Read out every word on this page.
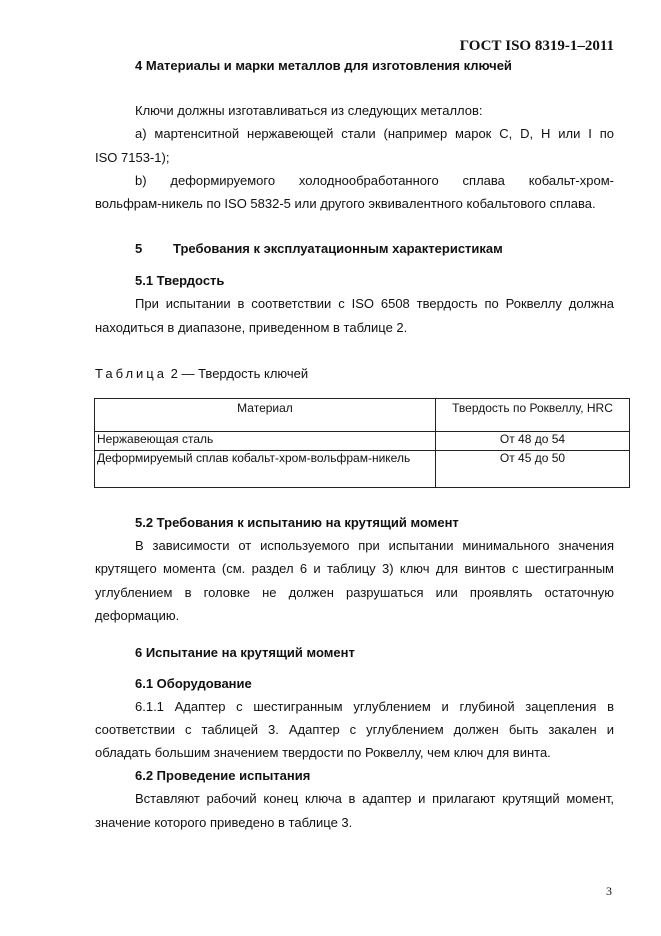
ГОСТ ISO 8319-1–2011
4 Материалы и марки металлов для изготовления ключей
Ключи должны изготавливаться из следующих металлов:
а) мартенситной нержавеющей стали (например марок С, D, Н или I по
ISO 7153-1);
b) деформируемого холоднообработанного сплава кобальт-хром-
вольфрам-никель по ISO 5832-5 или другого эквивалентного кобальтового сплава.
5 Требования к эксплуатационным характеристикам
5.1 Твердость
При испытании в соответствии с ISO 6508 твердость по Роквеллу должна
находиться в диапазоне, приведенном в таблице 2.
Таблица 2 — Твердость ключей
Материал	Твердость по Роквеллу, HRC
Нержавеющая сталь	От 48 до 54
Деформируемый сплав кобальт-хром-вольфрам-никель	От 45 до 50
5.2 Требования к испытанию на крутящий момент
В зависимости от используемого при испытании минимального значения
крутящего момента (см. раздел 6 и таблицу 3) ключ для винтов с шестигранным
углублением в головке не должен разрушаться или проявлять остаточную
деформацию.
6 Испытание на крутящий момент
6.1 Оборудование
6.1.1 Адаптер с шестигранным углублением и глубиной зацепления в
соответствии с таблицей 3. Адаптер с углублением должен быть закален и
обладать большим значением твердости по Роквеллу, чем ключ для винта.
6.2 Проведение испытания
Вставляют рабочий конец ключа в адаптер и прилагают крутящий момент,
значение которого приведено в таблице 3.
3
